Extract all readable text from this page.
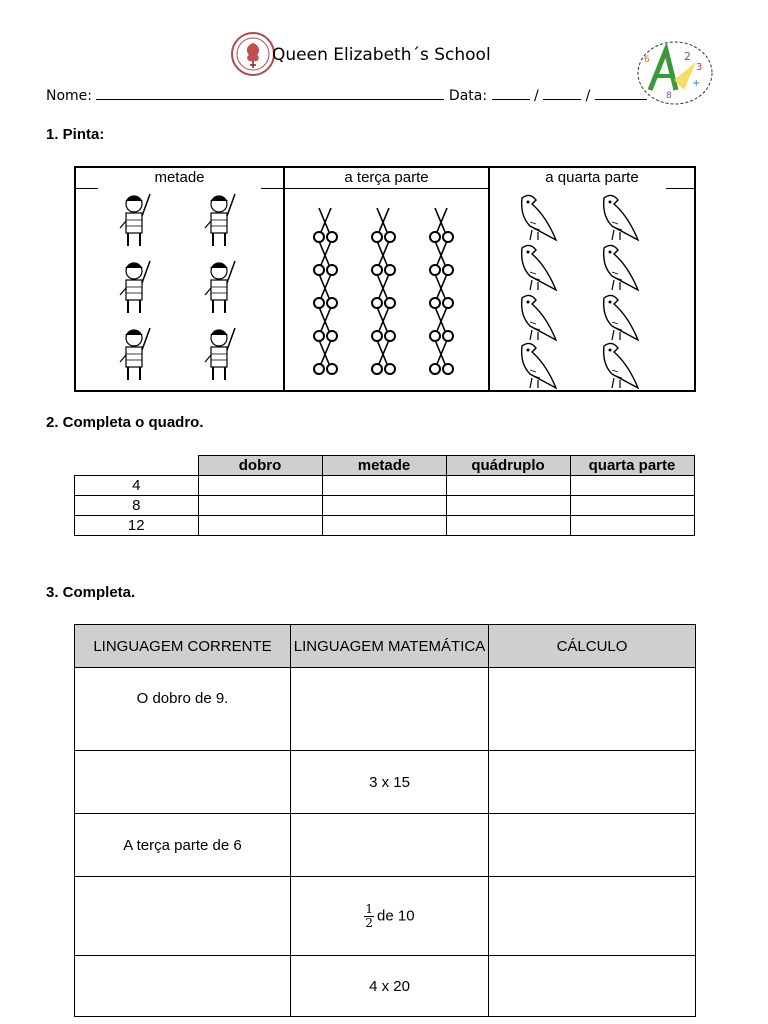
Queen Elizabeth´s School	2
3
+
6
8
Nome:	Data:	/	/
1. Pinta:
metade	a terça parte	a quarta parte
2. Completa o quadro.
	dobro	metade	quádruplo	quarta parte
4				
8				
12				
3. Completa.
LINGUAGEM CORRENTE	LINGUAGEM MATEMÁTICA	CÁLCULO
O dobro de 9.		
	3 x 15	
A terça parte de 6		

	$\frac{1}{2}$ de 10	
	4 x 20	
